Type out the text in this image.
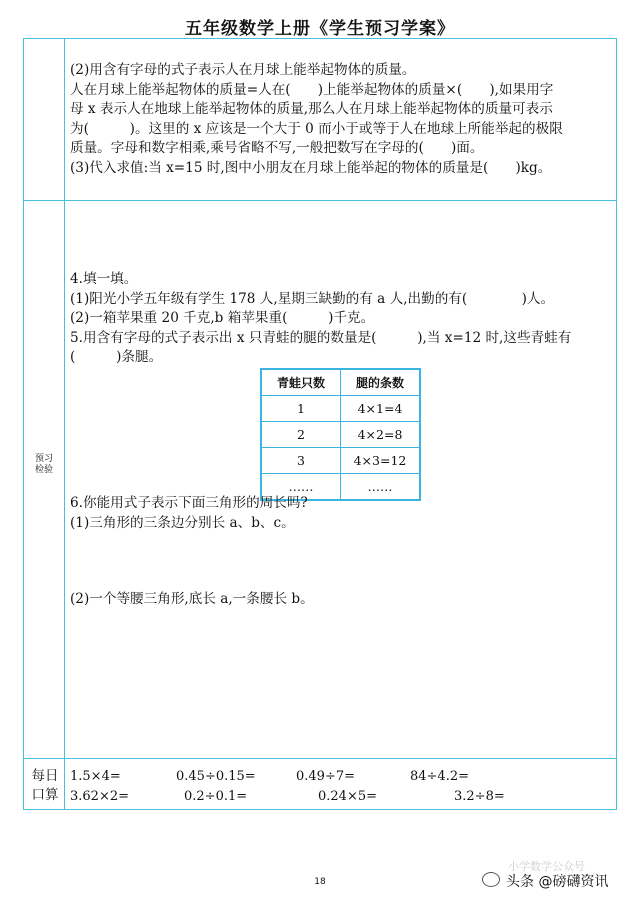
五年级数学上册《学生预习学案》

(2)用含有字母的式子表示人在月球上能举起物体的质量。

人在月球上能举起物体的质量=人在(　　)上能举起物体的质量×(　　),如果用字

母 x 表示人在地球上能举起物体的质量,那么人在月球上能举起物体的质量可表示

为(　　　)。这里的 x 应该是一个大于 0 而小于或等于人在地球上所能举起的极限

质量。字母和数字相乘,乘号省略不写,一般把数写在字母的(　　)面。

(3)代入求值:当 x=15 时,图中小朋友在月球上能举起的物体的质量是(　　)kg。

预习检验

4.填一填。

(1)阳光小学五年级有学生 178 人,星期三缺勤的有 a 人,出勤的有(　　　　)人。

(2)一箱苹果重 20 千克,b 箱苹果重(　　　)千克。

5.用含有字母的式子表示出 x 只青蛙的腿的数量是(　　　),当 x=12 时,这些青蛙有

(　　　)条腿。

青蛙只数	腿的条数
1	4×1=4
2	4×2=8
3	4×3=12
……	……

6.你能用式子表示下面三角形的周长吗?

(1)三角形的三条边分别长 a、b、c。

(2)一个等腰三角形,底长 a,一条腰长 b。

每日
口算
1.5×4=	0.45÷0.15=	0.49÷7=	84÷4.2=
3.62×2=	0.2÷0.1=	0.24×5=	3.2÷8=
18
小学数学公众号
头条 @磅礴资讯
